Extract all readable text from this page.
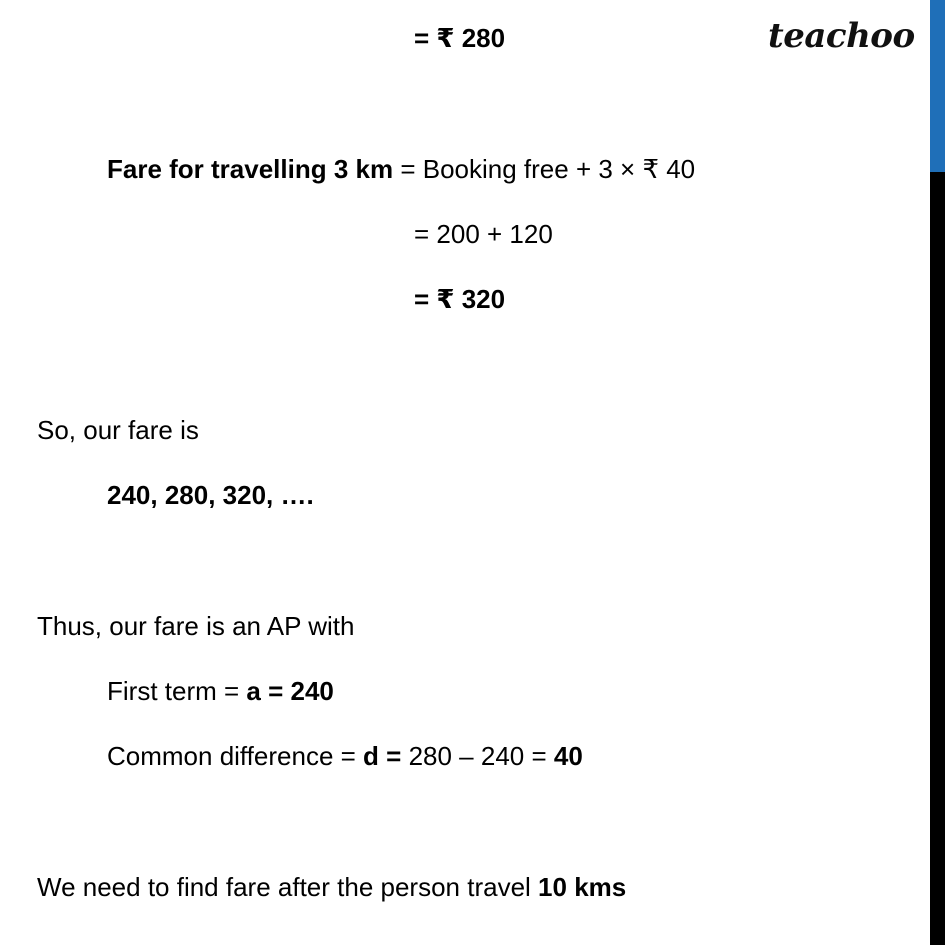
teachoo
= ₹ 280
Fare for travelling 3 km = Booking free + 3 × ₹ 40
= 200 + 120
= ₹ 320
So, our fare is
240, 280, 320, ….
Thus, our fare is an AP with
First term = a = 240
Common difference = d = 280 – 240 = 40
We need to find fare after the person travel 10 kms
